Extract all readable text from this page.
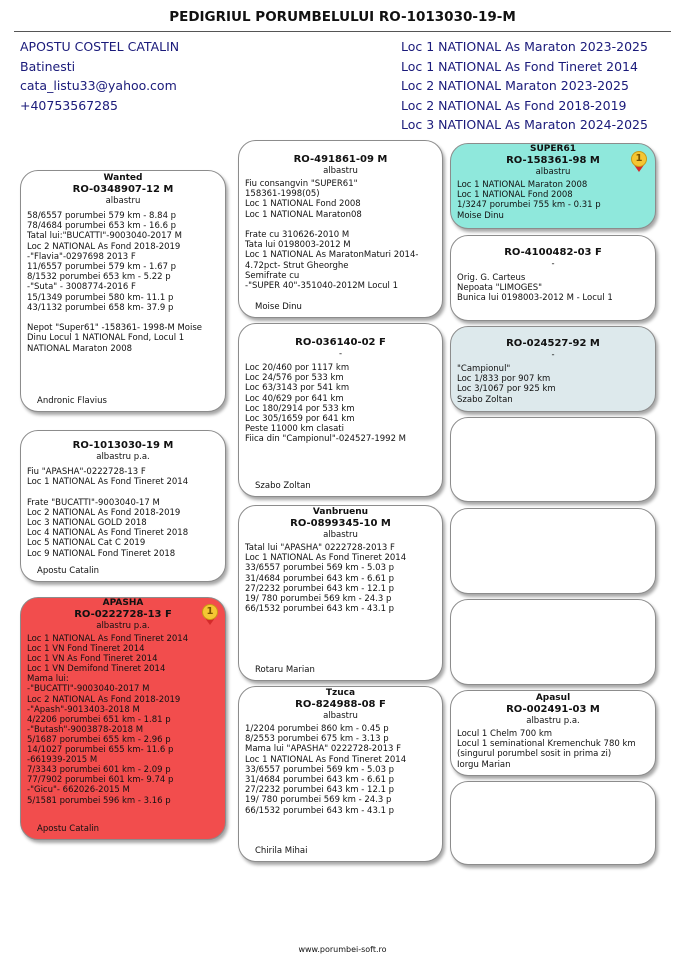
PEDIGRIUL PORUMBELULUI RO-1013030-19-M
APOSTU COSTEL CATALIN
Batinesti
cata_listu33@yahoo.com
+40753567285
Loc 1 NATIONAL As Maraton 2023-2025
Loc 1 NATIONAL As Fond Tineret 2014
Loc 2 NATIONAL Maraton 2023-2025
Loc 2 NATIONAL As Fond 2018-2019
Loc 3 NATIONAL As Maraton 2024-2025
Wanted
RO-0348907-12 M
albastru
58/6557 porumbei 579 km - 8.84 p
78/4684 porumbei 653 km - 16.6 p
Tatal lui:"BUCATTI"-9003040-2017 M
Loc 2 NATIONAL As Fond 2018-2019
-"Flavia"-0297698 2013 F
11/6557 porumbei 579 km - 1.67 p
8/1532 porumbei 653 km - 5.22 p
-"Suta" - 3008774-2016 F
15/1349 porumbei 580 km- 11.1 p
43/1132 porumbei 658 km- 37.9 p

Nepot "Super61" -158361- 1998-M Moise Dinu Locul 1 NATIONAL Fond, Locul 1 NATIONAL Maraton 2008
Andronic Flavius
RO-1013030-19 M
albastru p.a.
Fiu "APASHA"-0222728-13 F
Loc 1 NATIONAL As Fond Tineret 2014

Frate "BUCATTI"-9003040-17 M
Loc 2 NATIONAL As Fond 2018-2019
Loc 3 NATIONAL GOLD 2018
Loc 4 NATIONAL As Fond Tineret 2018
Loc 5 NATIONAL Cat C 2019
Loc 9 NATIONAL Fond Tineret 2018
Apostu Catalin
APASHA
RO-0222728-13 F
albastru p.a.
Loc 1 NATIONAL As Fond Tineret 2014
Loc 1 VN Fond Tineret 2014
Loc 1 VN As Fond Tineret 2014
Loc 1 VN Demifond Tineret 2014
Mama lui:
-"BUCATTI"-9003040-2017 M
Loc 2 NATIONAL As Fond 2018-2019
-"Apash"-9013403-2018 M
4/2206 porumbei 651 km - 1.81 p
-"Butash"-9003878-2018 M
5/1687 porumbei 655 km - 2.96 p
14/1027 porumbei 655 km- 11.6 p
-661939-2015 M
7/3343 porumbei 601 km - 2.09 p
77/7902 porumbei 601 km- 9.74 p
-"Gicu"- 662026-2015 M
5/1581 porumbei 596 km - 3.16 p
Apostu Catalin
1
RO-491861-09 M
albastru
Fiu consangvin "SUPER61"
158361-1998(05)
Loc 1 NATIONAL Fond 2008
Loc 1 NATIONAL Maraton08

Frate cu 310626-2010 M
Tata lui 0198003-2012 M
Loc 1 NATIONAL As MaratonMaturi 2014- 4.72pct- Strut Gheorghe
Semifrate cu
-"SUPER 40"-351040-2012M Locul 1
Moise Dinu
RO-036140-02 F
-
Loc 20/460 por 1117 km
Loc 24/576 por 533 km
Loc 63/3143 por 541 km
Loc 40/629 por 641 km
Loc 180/2914 por 533 km
Loc 305/1659 por 641 km
Peste 11000 km clasati
Fiica din "Campionul"-024527-1992 M
Szabo Zoltan
Vanbruenu
RO-0899345-10 M
albastru
Tatal lui "APASHA" 0222728-2013 F
Loc 1 NATIONAL As Fond Tineret 2014
33/6557 porumbei 569 km - 5.03 p
31/4684 porumbei 643 km - 6.61 p
27/2232 porumbei 643 km - 12.1 p
19/ 780 porumbei 569 km - 24.3 p
66/1532 porumbei 643 km - 43.1 p
Rotaru Marian
Tzuca
RO-824988-08 F
albastru
1/2204 porumbei 860 km - 0.45 p
8/2553 porumbei 675 km - 3.13 p
Mama lui "APASHA" 0222728-2013 F
Loc 1 NATIONAL As Fond Tineret 2014
33/6557 porumbei 569 km - 5.03 p
31/4684 porumbei 643 km - 6.61 p
27/2232 porumbei 643 km - 12.1 p
19/ 780 porumbei 569 km - 24.3 p
66/1532 porumbei 643 km - 43.1 p
Chirila Mihai
SUPER61
RO-158361-98 M
albastru
Loc 1 NATIONAL Maraton 2008
Loc 1 NATIONAL Fond 2008
1/3247 porumbei 755 km - 0.31 p
Moise Dinu
1
RO-4100482-03 F
-
Orig. G. Carteus
Nepoata "LIMOGES"
Bunica lui 0198003-2012 M - Locul 1
RO-024527-92 M
-
"Campionul"
Loc 1/833 por 907 km
Loc 3/1067 por 925 km
Szabo Zoltan
Apasul
RO-002491-03 M
albastru p.a.
Locul 1 Chelm 700 km
Locul 1 seminational Kremenchuk 780 km
(singurul porumbel sosit in prima zi)
Iorgu Marian
www.porumbei-soft.ro
